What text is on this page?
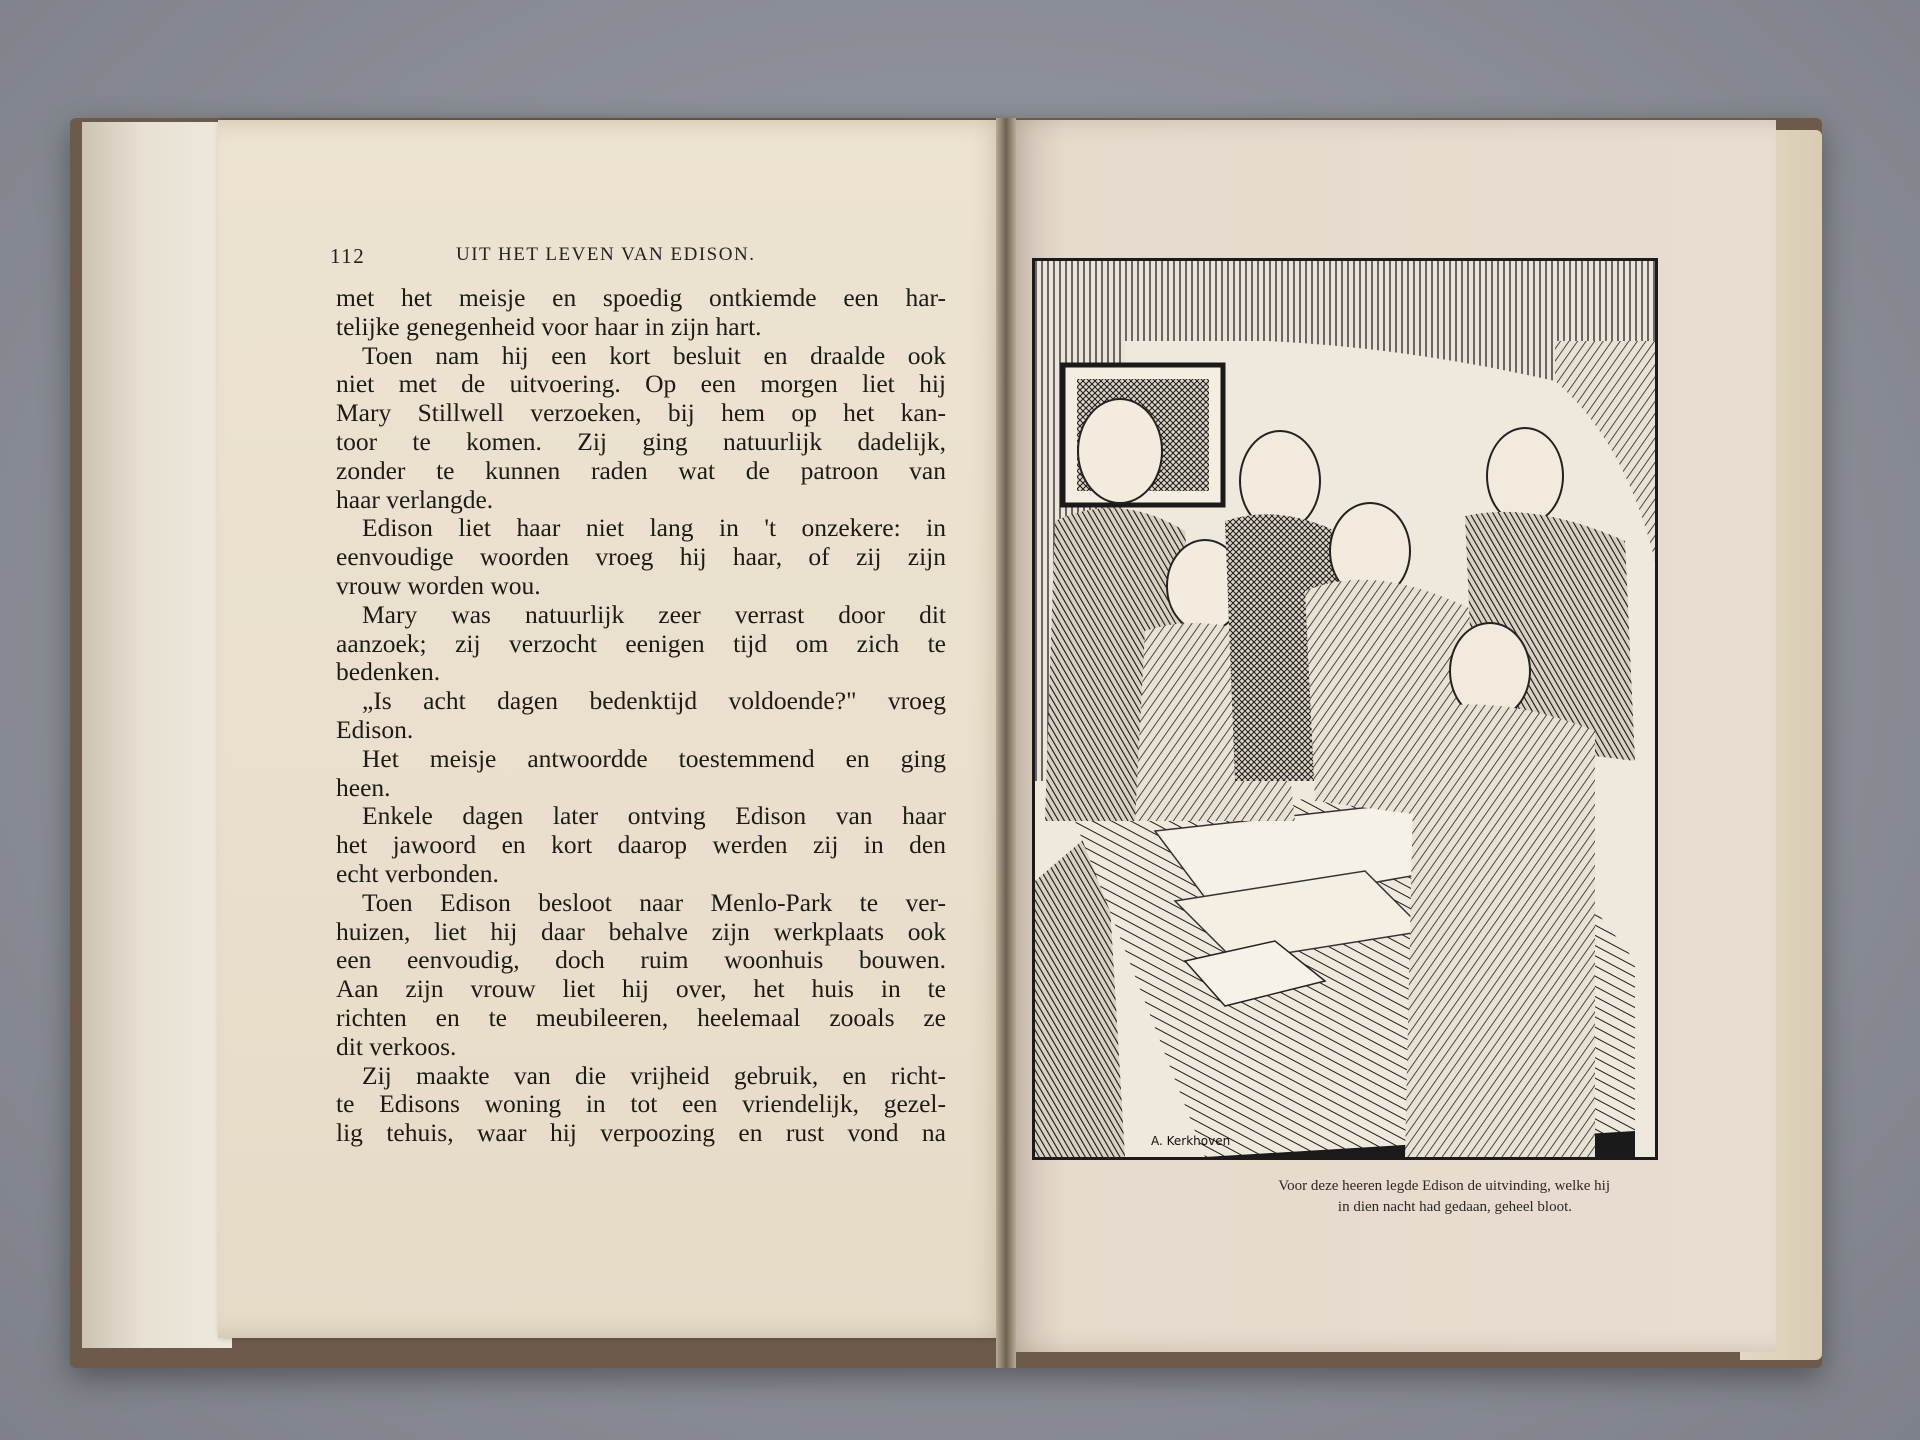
112	UIT HET LEVEN VAN EDISON.
met het meisje en spoedig ontkiemde een har-
telijke genegenheid voor haar in zijn hart.
Toen nam hij een kort besluit en draalde ook
niet met de uitvoering. Op een morgen liet hij
Mary Stillwell verzoeken, bij hem op het kan-
toor te komen. Zij ging natuurlijk dadelijk,
zonder te kunnen raden wat de patroon van
haar verlangde.
Edison liet haar niet lang in 't onzekere: in
eenvoudige woorden vroeg hij haar, of zij zijn
vrouw worden wou.
Mary was natuurlijk zeer verrast door dit
aanzoek; zij verzocht eenigen tijd om zich te
bedenken.
„Is acht dagen bedenktijd voldoende?" vroeg
Edison.
Het meisje antwoordde toestemmend en ging
heen.
Enkele dagen later ontving Edison van haar
het jawoord en kort daarop werden zij in den
echt verbonden.
Toen Edison besloot naar Menlo-Park te ver-
huizen, liet hij daar behalve zijn werkplaats ook
een eenvoudig, doch ruim woonhuis bouwen.
Aan zijn vrouw liet hij over, het huis in te
richten en te meubileeren, heelemaal zooals ze
dit verkoos.
Zij maakte van die vrijheid gebruik, en richt-
te Edisons woning in tot een vriendelijk, gezel-
lig tehuis, waar hij verpoozing en rust vond na	A. Kerkhoven
Voor deze heeren legde Edison de uitvinding, welke hij
in dien nacht had gedaan, geheel bloot.
